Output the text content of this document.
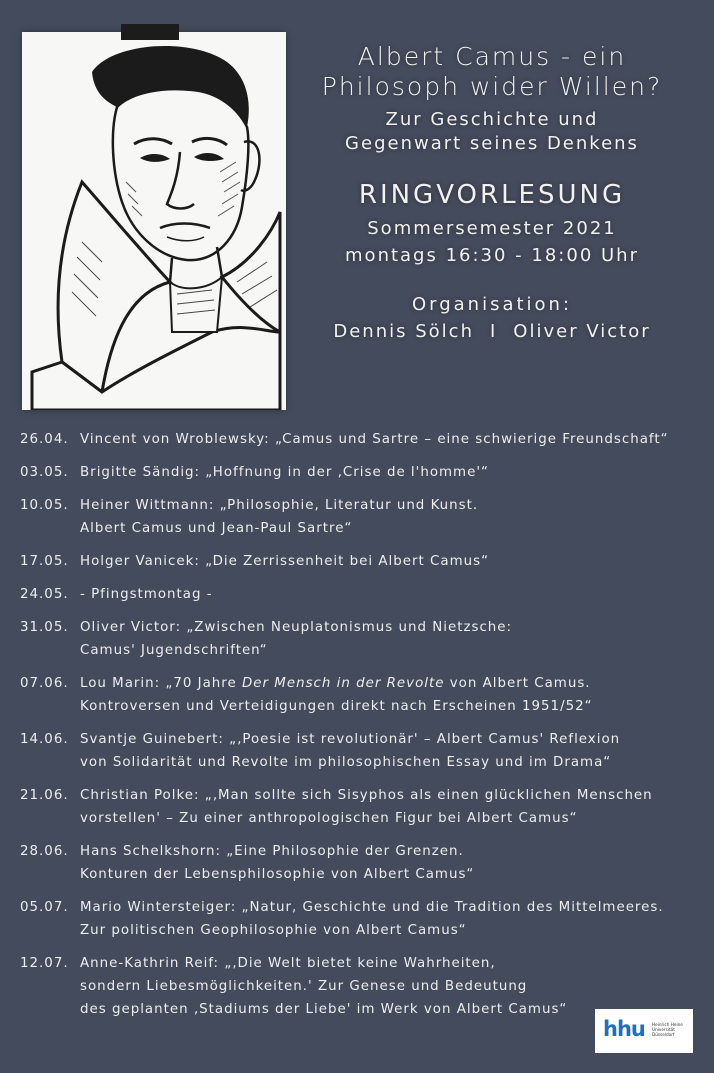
Albert Camus - ein
Philosoph wider Willen?
Zur Geschichte und
Gegenwart seines Denkens
RINGVORLESUNG
Sommersemester 2021
montags 16:30 - 18:00 Uhr
Organisation:
Dennis Sölch I Oliver Victor
26.04. Vincent von Wroblewsky: „Camus und Sartre – eine schwierige Freundschaft“
03.05. Brigitte Sändig: „Hoffnung in der ‚Crise de l'homme'“
10.05. Heiner Wittmann: „Philosophie, Literatur und Kunst.
Albert Camus und Jean-Paul Sartre“
17.05. Holger Vanicek: „Die Zerrissenheit bei Albert Camus“
24.05. - Pfingstmontag -
31.05. Oliver Victor: „Zwischen Neuplatonismus und Nietzsche:
Camus' Jugendschriften“
07.06. Lou Marin: „70 Jahre Der Mensch in der Revolte von Albert Camus.
Kontroversen und Verteidigungen direkt nach Erscheinen 1951/52“
14.06. Svantje Guinebert: „‚Poesie ist revolutionär' – Albert Camus' Reflexion
von Solidarität und Revolte im philosophischen Essay und im Drama“
21.06. Christian Polke: „‚Man sollte sich Sisyphos als einen glücklichen Menschen
vorstellen' – Zu einer anthropologischen Figur bei Albert Camus“
28.06. Hans Schelkshorn: „Eine Philosophie der Grenzen.
Konturen der Lebensphilosophie von Albert Camus“
05.07. Mario Wintersteiger: „Natur, Geschichte und die Tradition des Mittelmeeres.
Zur politischen Geophilosophie von Albert Camus“
12.07. Anne-Kathrin Reif: „‚Die Welt bietet keine Wahrheiten,
sondern Liebesmöglichkeiten.' Zur Genese und Bedeutung
des geplanten ‚Stadiums der Liebe' im Werk von Albert Camus“
hhu Heinrich Heine
Universität
Düsseldorf
